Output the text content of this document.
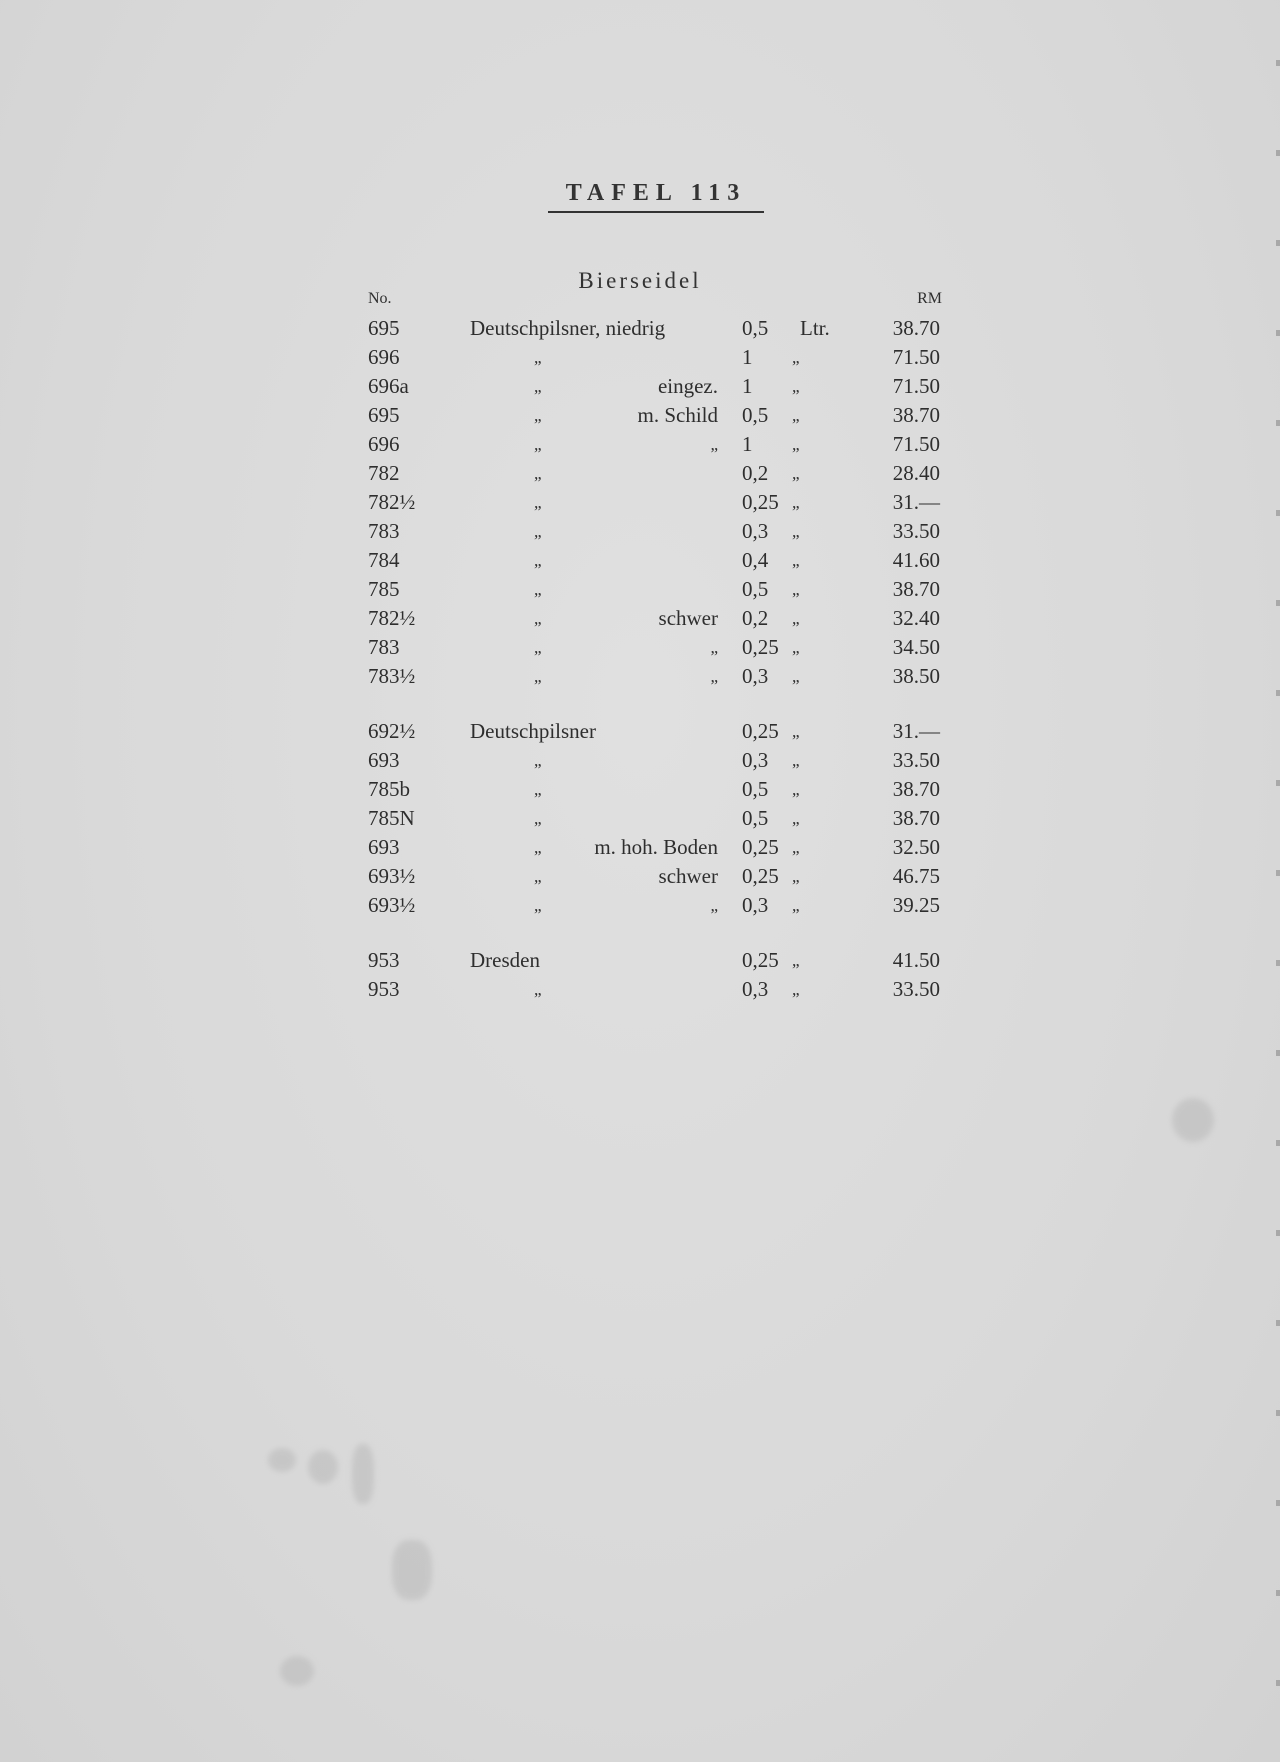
TAFEL 113
Bierseidel
No.	RM
695	Deutschpilsner, niedrig	0,5 Ltr.	38.70
696	„	1 „	71.50
696a	„	eingez. 1 „	71.50
695	„	m. Schild 0,5 „	38.70
696	„	„ 1 „	71.50
782	„	0,2 „	28.40
782½	„	0,25 „	31.—
783	„	0,3 „	33.50
784	„	0,4 „	41.60
785	„	0,5 „	38.70
782½	„	schwer 0,2 „	32.40
783	„	„ 0,25 „	34.50
783½	„	„ 0,3 „	38.50
692½	Deutschpilsner	0,25 „	31.—
693	„	0,3 „	33.50
785b	„	0,5 „	38.70
785N	„	0,5 „	38.70
693	„	m. hoh. Boden 0,25 „	32.50
693½	„	schwer 0,25 „	46.75
693½	„	„ 0,3 „	39.25
953	Dresden	0,25 „	41.50
953	„	0,3 „	33.50
